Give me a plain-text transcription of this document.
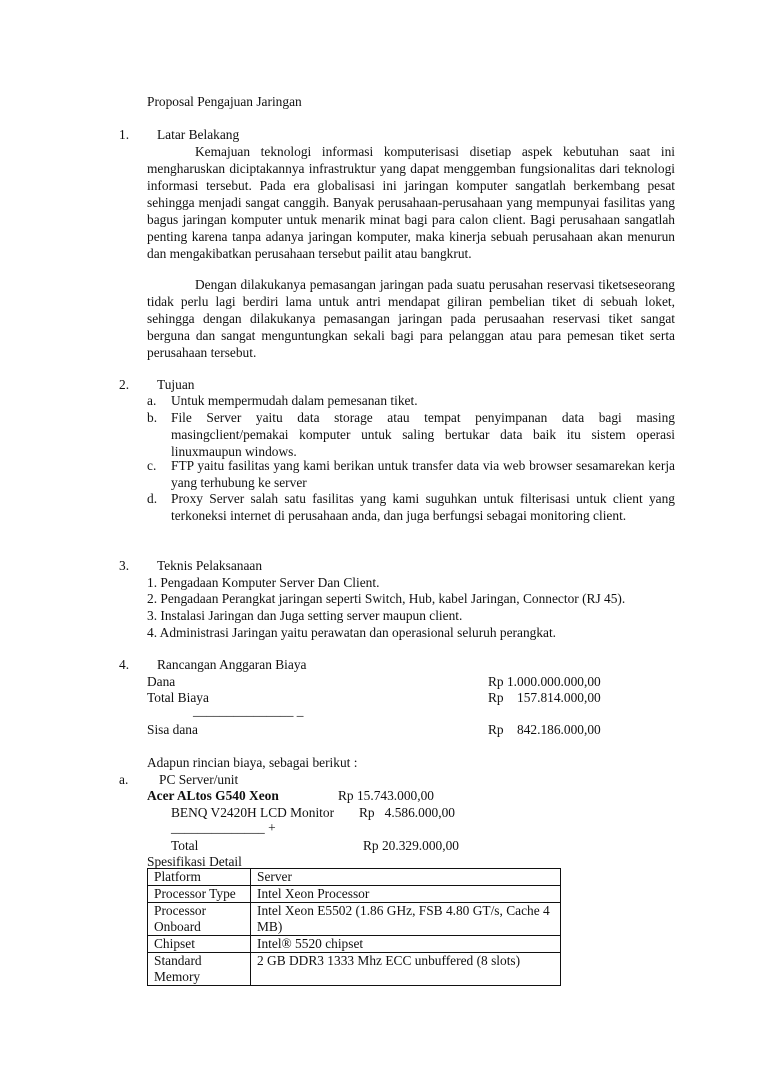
Proposal Pengajuan Jaringan
1. Latar Belakang
Kemajuan teknologi informasi komputerisasi disetiap aspek kebutuhan saat ini mengharuskan diciptakannya infrastruktur yang dapat menggemban fungsionalitas dari teknologi informasi tersebut. Pada era globalisasi ini jaringan komputer sangatlah berkembang pesat sehingga menjadi sangat canggih. Banyak perusahaan-perusahaan yang mempunyai fasilitas yang bagus jaringan komputer untuk menarik minat bagi para calon client. Bagi perusahaan sangatlah penting karena tanpa adanya jaringan komputer, maka kinerja sebuah perusahaan akan menurun dan mengakibatkan perusahaan tersebut pailit atau bangkrut.
Dengan dilakukanya pemasangan jaringan pada suatu perusahan reservasi tiketseseorang tidak perlu lagi berdiri lama untuk antri mendapat giliran pembelian tiket di sebuah loket, sehingga dengan dilakukanya pemasangan jaringan pada perusaahan reservasi tiket sangat berguna dan sangat menguntungkan sekali bagi para pelanggan atau para pemesan tiket serta perusahaan tersebut.
2. Tujuan
a. Untuk mempermudah dalam pemesanan tiket.
b. File Server yaitu data storage atau tempat penyimpanan data bagi masing masingclient/pemakai komputer untuk saling bertukar data baik itu sistem operasi linuxmaupun windows.
c. FTP yaitu fasilitas yang kami berikan untuk transfer data via web browser sesamarekan kerja yang terhubung ke server
d. Proxy Server salah satu fasilitas yang kami suguhkan untuk filterisasi untuk client yang terkoneksi internet di perusahaan anda, dan juga berfungsi sebagai monitoring client.
3. Teknis Pelaksanaan
1. Pengadaan Komputer Server Dan Client.
2. Pengadaan Perangkat jaringan seperti Switch, Hub, kabel Jaringan, Connector (RJ 45).
3. Instalasi Jaringan dan Juga setting server maupun client.
4. Administrasi Jaringan yaitu perawatan dan operasional seluruh perangkat.
4. Rancangan Anggaran Biaya
Dana	Rp 1.000.000.000,00
Total Biaya	Rp    157.814.000,00
_______________ _
Sisa dana	Rp    842.186.000,00
Adapun rincian biaya, sebagai berikut :
a. PC Server/unit
Acer ALtos G540 Xeon	Rp 15.743.000,00
BENQ V2420H LCD Monitor Rp   4.586.000,00
______________ +
Total	Rp 20.329.000,00
Spesifikasi Detail
Platform	Server
Processor Type	Intel Xeon Processor
Processor Onboard	Intel Xeon E5502 (1.86 GHz, FSB 4.80 GT/s, Cache 4 MB)
Chipset	Intel® 5520 chipset
Standard Memory	2 GB DDR3 1333 Mhz ECC unbuffered (8 slots)
